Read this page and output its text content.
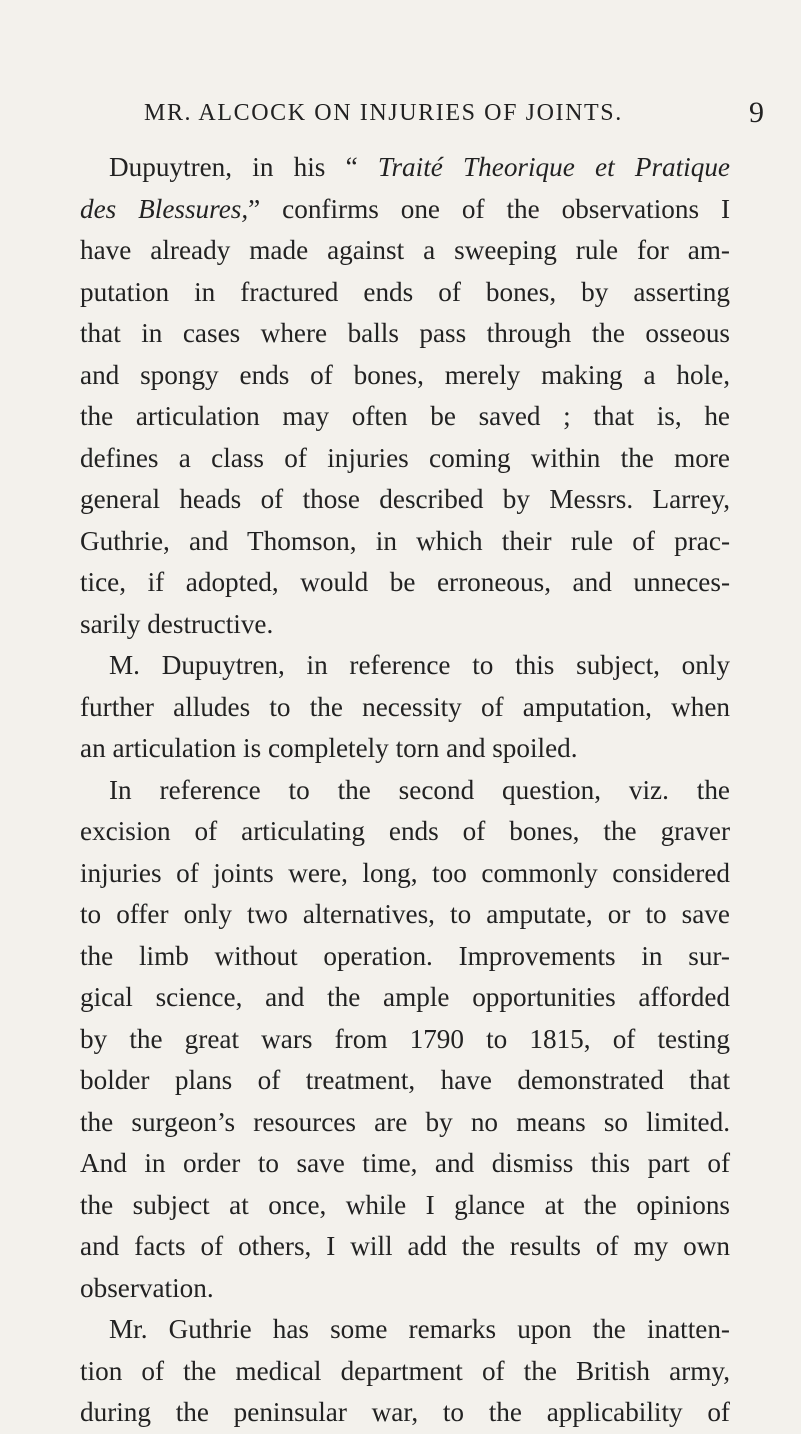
MR. ALCOCK ON INJURIES OF JOINTS.	9
Dupuytren, in his “ Traité Theorique et Pratique
des Blessures,” confirms one of the observations I
have already made against a sweeping rule for am-
putation in fractured ends of bones, by asserting
that in cases where balls pass through the osseous
and spongy ends of bones, merely making a hole,
the articulation may often be saved ; that is, he
defines a class of injuries coming within the more
general heads of those described by Messrs. Larrey,
Guthrie, and Thomson, in which their rule of prac-
tice, if adopted, would be erroneous, and unneces-
sarily destructive.
M. Dupuytren, in reference to this subject, only
further alludes to the necessity of amputation, when
an articulation is completely torn and spoiled.
In reference to the second question, viz. the
excision of articulating ends of bones, the graver
injuries of joints were, long, too commonly considered
to offer only two alternatives, to amputate, or to save
the limb without operation. Improvements in sur-
gical science, and the ample opportunities afforded
by the great wars from 1790 to 1815, of testing
bolder plans of treatment, have demonstrated that
the surgeon’s resources are by no means so limited.
And in order to save time, and dismiss this part of
the subject at once, while I glance at the opinions
and facts of others, I will add the results of my own
observation.
Mr. Guthrie has some remarks upon the inatten-
tion of the medical department of the British army,
during the peninsular war, to the applicability of
